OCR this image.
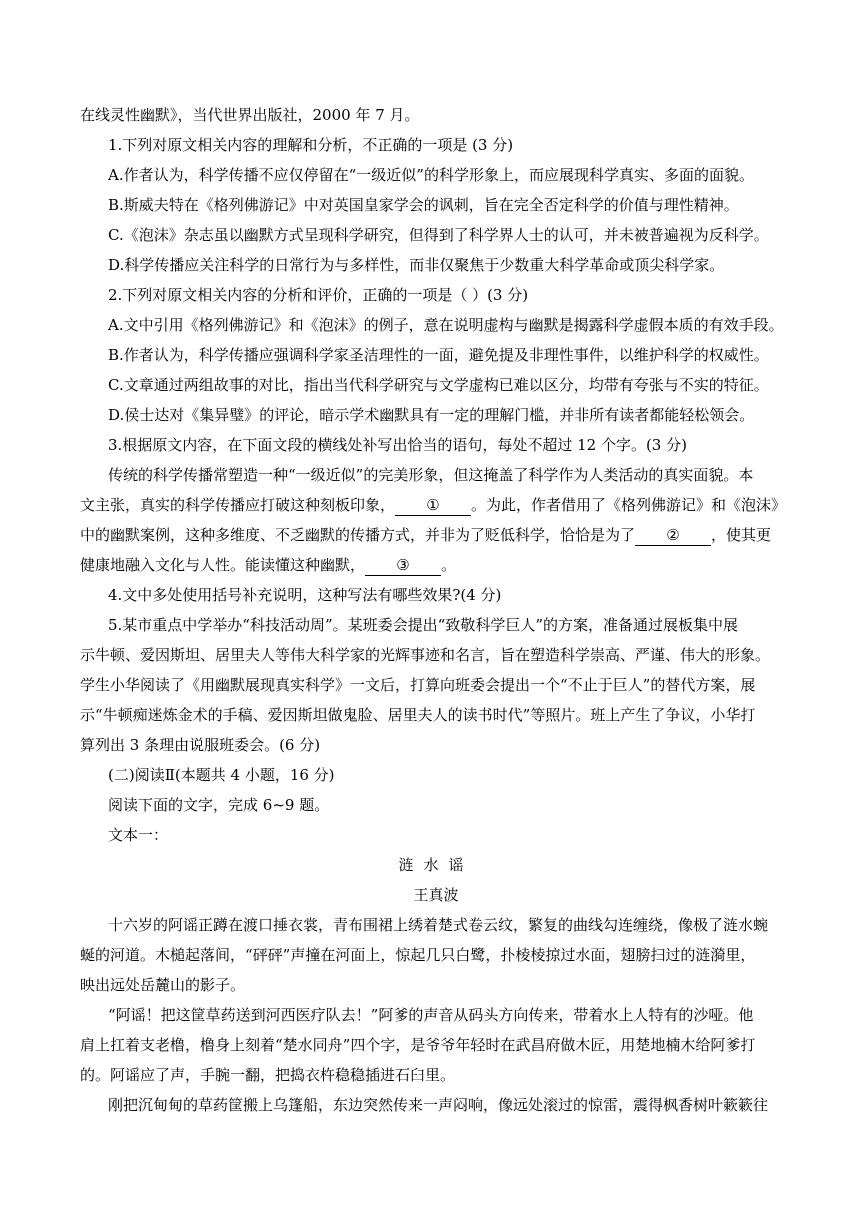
在线灵性幽默》，当代世界出版社，2000 年 7 月。
1.下列对原文相关内容的理解和分析，不正确的一项是 (3 分)
A.作者认为，科学传播不应仅停留在“一级近似”的科学形象上，而应展现科学真实、多面的面貌。
B.斯威夫特在《格列佛游记》中对英国皇家学会的讽刺，旨在完全否定科学的价值与理性精神。
C.《泡沫》杂志虽以幽默方式呈现科学研究，但得到了科学界人士的认可，并未被普遍视为反科学。
D.科学传播应关注科学的日常行为与多样性，而非仅聚焦于少数重大科学革命或顶尖科学家。
2.下列对原文相关内容的分析和评价，正确的一项是（ ）(3 分)
A.文中引用《格列佛游记》和《泡沫》的例子，意在说明虚构与幽默是揭露科学虚假本质的有效手段。
B.作者认为，科学传播应强调科学家圣洁理性的一面，避免提及非理性事件，以维护科学的权威性。
C.文章通过两组故事的对比，指出当代科学研究与文学虚构已难以区分，均带有夸张与不实的特征。
D.侯士达对《集异璧》的评论，暗示学术幽默具有一定的理解门槛，并非所有读者都能轻松领会。
3.根据原文内容，在下面文段的横线处补写出恰当的语句，每处不超过 12 个字。(3 分)
传统的科学传播常塑造一种“一级近似”的完美形象，但这掩盖了科学作为人类活动的真实面貌。本
文主张，真实的科学传播应打破这种刻板印象， ① 。为此，作者借用了《格列佛游记》和《泡沫》
中的幽默案例，这种多维度、不乏幽默的传播方式，并非为了贬低科学，恰恰是为了 ② ，使其更
健康地融入文化与人性。能读懂这种幽默， ③ 。
4.文中多处使用括号补充说明，这种写法有哪些效果?(4 分)
5.某市重点中学举办“科技活动周”。某班委会提出“致敬科学巨人”的方案，准备通过展板集中展
示牛顿、爱因斯坦、居里夫人等伟大科学家的光辉事迹和名言，旨在塑造科学崇高、严谨、伟大的形象。
学生小华阅读了《用幽默展现真实科学》一文后，打算向班委会提出一个“不止于巨人”的替代方案，展
示“牛顿痴迷炼金术的手稿、爱因斯坦做鬼脸、居里夫人的读书时代”等照片。班上产生了争议，小华打
算列出 3 条理由说服班委会。(6 分)
(二)阅读Ⅱ(本题共 4 小题，16 分)
阅读下面的文字，完成 6~9 题。
文本一：
涟水谣
王真波
十六岁的阿谣正蹲在渡口捶衣裳，青布围裙上绣着楚式卷云纹，繁复的曲线勾连缠绕，像极了涟水蜿
蜒的河道。木槌起落间，“砰砰”声撞在河面上，惊起几只白鹭，扑棱棱掠过水面，翅膀扫过的涟漪里，
映出远处岳麓山的影子。
“阿谣！把这筐草药送到河西医疗队去！”阿爹的声音从码头方向传来，带着水上人特有的沙哑。他
肩上扛着支老橹，橹身上刻着“楚水同舟”四个字，是爷爷年轻时在武昌府做木匠，用楚地楠木给阿爹打
的。阿谣应了声，手腕一翻，把捣衣杵稳稳插进石臼里。
刚把沉甸甸的草药筐搬上乌篷船，东边突然传来一声闷响，像远处滚过的惊雷，震得枫香树叶簌簌往
